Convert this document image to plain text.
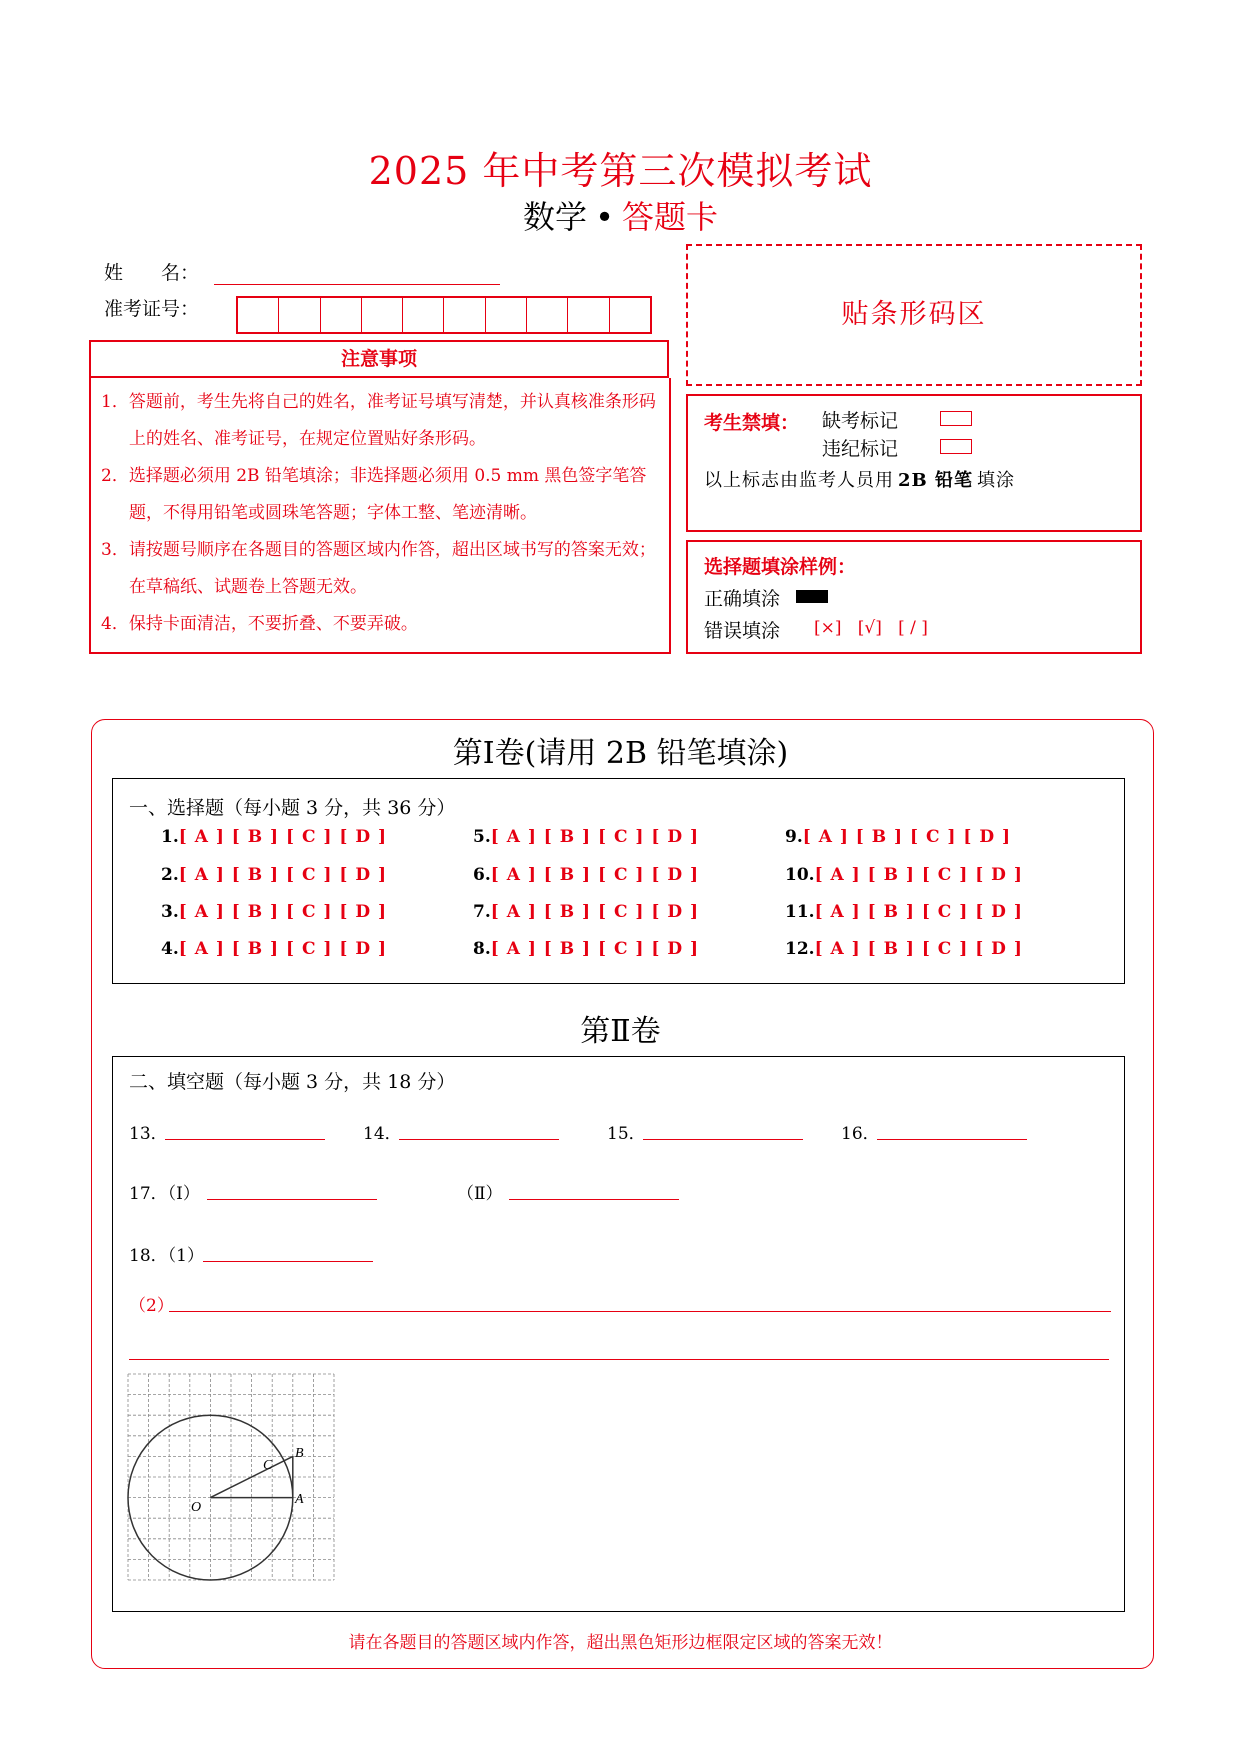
2025 年中考第三次模拟考试
数学 • 答题卡
姓　　名：
准考证号：
注意事项
1．答题前，考生先将自己的姓名，准考证号填写清楚，并认真核准条形码上的姓名、准考证号，在规定位置贴好条形码。
2．选择题必须用 2B 铅笔填涂；非选择题必须用 0.5 mm 黑色签字笔答题，不得用铅笔或圆珠笔答题；字体工整、笔迹清晰。
3．请按题号顺序在各题目的答题区域内作答，超出区域书写的答案无效；在草稿纸、试题卷上答题无效。
4．保持卡面清洁，不要折叠、不要弄破。
贴条形码区
考生禁填： 缺考标记
违纪标记
以上标志由监考人员用 2B 铅笔 填涂
选择题填涂样例：
正确填涂
错误填涂 [×] [√] [ / ]
第Ⅰ卷(请用 2B 铅笔填涂)
一、选择题（每小题 3 分，共 36 分）
1.[ A ] [ B ] [ C ] [ D ]
2.[ A ] [ B ] [ C ] [ D ]
3.[ A ] [ B ] [ C ] [ D ]
4.[ A ] [ B ] [ C ] [ D ]
5.[ A ] [ B ] [ C ] [ D ]
6.[ A ] [ B ] [ C ] [ D ]
7.[ A ] [ B ] [ C ] [ D ]
8.[ A ] [ B ] [ C ] [ D ]
9.[ A ] [ B ] [ C ] [ D ]
10.[ A ] [ B ] [ C ] [ D ]
11.[ A ] [ B ] [ C ] [ D ]
12.[ A ] [ B ] [ C ] [ D ]
第Ⅱ卷
二、填空题（每小题 3 分，共 18 分）
13．	14．	15．	16．
17．（Ⅰ）	（Ⅱ）
18．（1）
（2）
O
A
B
C
请在各题目的答题区域内作答，超出黑色矩形边框限定区域的答案无效！
